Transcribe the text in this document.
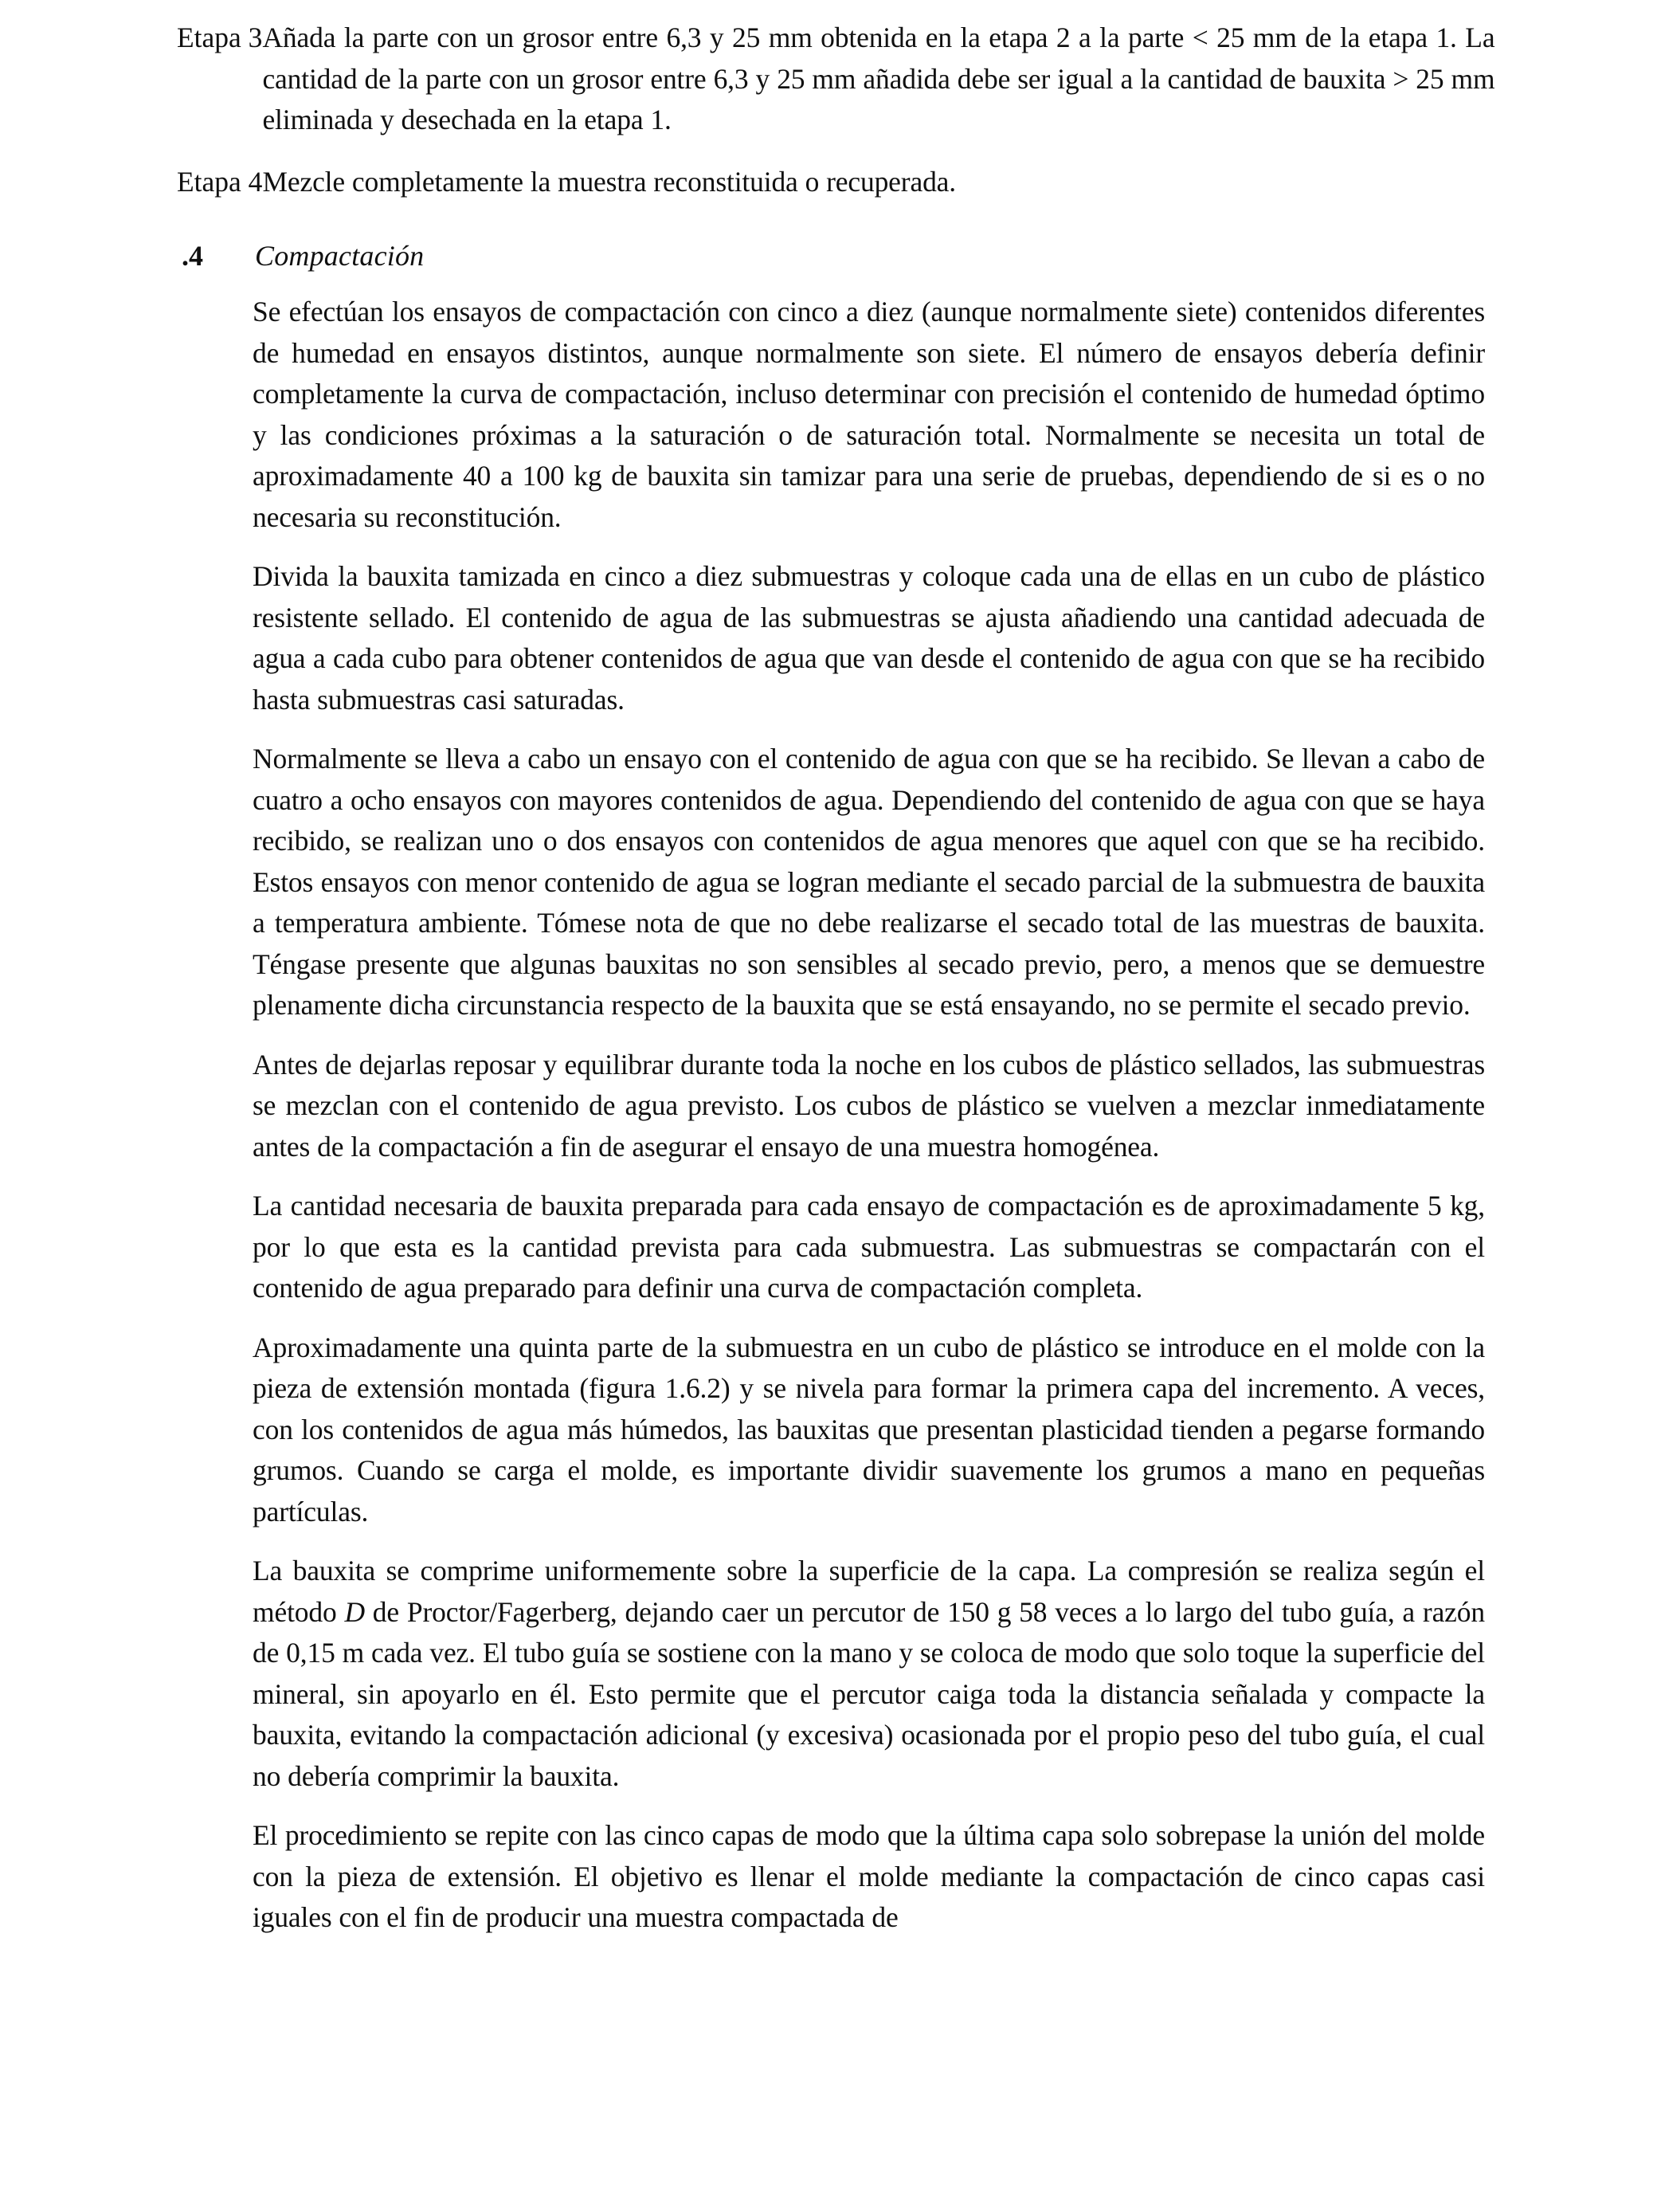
Etapa 3 Añada la parte con un grosor entre 6,3 y 25 mm obtenida en la etapa 2 a la parte < 25 mm de la etapa 1. La cantidad de la parte con un grosor entre 6,3 y 25 mm añadida debe ser igual a la cantidad de bauxita > 25 mm eliminada y desechada en la etapa 1.

Etapa 4 Mezcle completamente la muestra reconstituida o recuperada.

.4	Compactación

Se efectúan los ensayos de compactación con cinco a diez (aunque normalmente siete) contenidos diferentes de humedad en ensayos distintos, aunque normalmente son siete. El número de ensayos debería definir completamente la curva de compactación, incluso determinar con precisión el contenido de humedad óptimo y las condiciones próximas a la saturación o de saturación total. Normalmente se necesita un total de aproximadamente 40 a 100 kg de bauxita sin tamizar para una serie de pruebas, dependiendo de si es o no necesaria su reconstitución.

Divida la bauxita tamizada en cinco a diez submuestras y coloque cada una de ellas en un cubo de plástico resistente sellado. El contenido de agua de las submuestras se ajusta añadiendo una cantidad adecuada de agua a cada cubo para obtener contenidos de agua que van desde el contenido de agua con que se ha recibido hasta submuestras casi saturadas.

Normalmente se lleva a cabo un ensayo con el contenido de agua con que se ha recibido. Se llevan a cabo de cuatro a ocho ensayos con mayores contenidos de agua. Dependiendo del contenido de agua con que se haya recibido, se realizan uno o dos ensayos con contenidos de agua menores que aquel con que se ha recibido. Estos ensayos con menor contenido de agua se logran mediante el secado parcial de la submuestra de bauxita a temperatura ambiente. Tómese nota de que no debe realizarse el secado total de las muestras de bauxita. Téngase presente que algunas bauxitas no son sensibles al secado previo, pero, a menos que se demuestre plenamente dicha circunstancia respecto de la bauxita que se está ensayando, no se permite el secado previo.

Antes de dejarlas reposar y equilibrar durante toda la noche en los cubos de plástico sellados, las submuestras se mezclan con el contenido de agua previsto. Los cubos de plástico se vuelven a mezclar inmediatamente antes de la compactación a fin de asegurar el ensayo de una muestra homogénea.

La cantidad necesaria de bauxita preparada para cada ensayo de compactación es de aproximadamente 5 kg, por lo que esta es la cantidad prevista para cada submuestra. Las submuestras se compactarán con el contenido de agua preparado para definir una curva de compactación completa.

Aproximadamente una quinta parte de la submuestra en un cubo de plástico se introduce en el molde con la pieza de extensión montada (figura 1.6.2) y se nivela para formar la primera capa del incremento. A veces, con los contenidos de agua más húmedos, las bauxitas que presentan plasticidad tienden a pegarse formando grumos. Cuando se carga el molde, es importante dividir suavemente los grumos a mano en pequeñas partículas.

La bauxita se comprime uniformemente sobre la superficie de la capa. La compresión se realiza según el método D de Proctor/Fagerberg, dejando caer un percutor de 150 g 58 veces a lo largo del tubo guía, a razón de 0,15 m cada vez. El tubo guía se sostiene con la mano y se coloca de modo que solo toque la superficie del mineral, sin apoyarlo en él. Esto permite que el percutor caiga toda la distancia señalada y compacte la bauxita, evitando la compactación adicional (y excesiva) ocasionada por el propio peso del tubo guía, el cual no debería comprimir la bauxita.

El procedimiento se repite con las cinco capas de modo que la última capa solo sobrepase la unión del molde con la pieza de extensión. El objetivo es llenar el molde mediante la compactación de cinco capas casi iguales con el fin de producir una muestra compactada de
